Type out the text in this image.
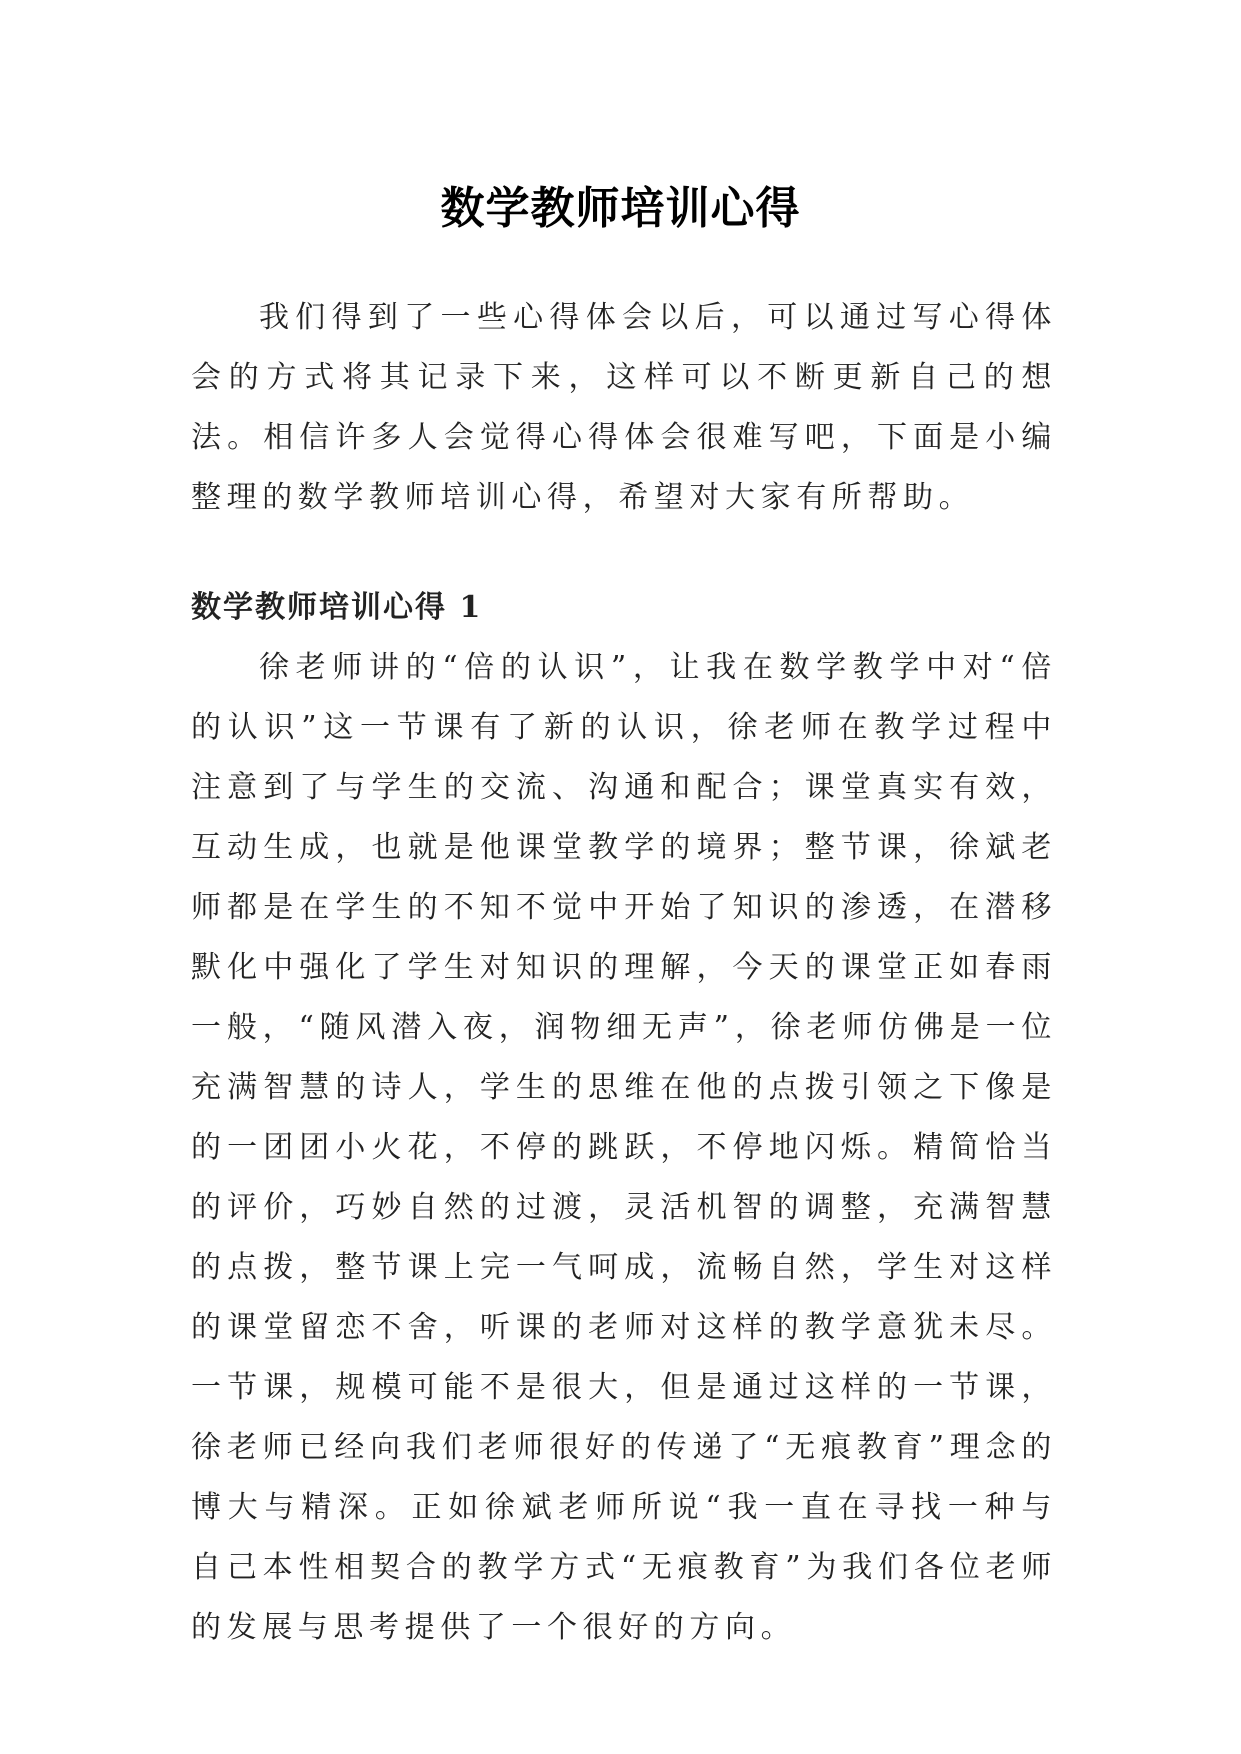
数学教师培训心得

我们得到了一些心得体会以后，可以通过写心得体会的方式将其记录下来，这样可以不断更新自己的想法。相信许多人会觉得心得体会很难写吧，下面是小编整理的数学教师培训心得，希望对大家有所帮助。

数学教师培训心得 1

徐老师讲的“倍的认识”，让我在数学教学中对“倍的认识”这一节课有了新的认识，徐老师在教学过程中注意到了与学生的交流、沟通和配合；课堂真实有效，互动生成，也就是他课堂教学的境界；整节课，徐斌老师都是在学生的不知不觉中开始了知识的渗透，在潜移默化中强化了学生对知识的理解，今天的课堂正如春雨一般，“随风潜入夜，润物细无声”，徐老师仿佛是一位充满智慧的诗人，学生的思维在他的点拨引领之下像是的一团团小火花，不停的跳跃，不停地闪烁。精简恰当的评价，巧妙自然的过渡，灵活机智的调整，充满智慧的点拨，整节课上完一气呵成，流畅自然，学生对这样的课堂留恋不舍，听课的老师对这样的教学意犹未尽。一节课，规模可能不是很大，但是通过这样的一节课，徐老师已经向我们老师很好的传递了“无痕教育”理念的博大与精深。正如徐斌老师所说“我一直在寻找一种与自己本性相契合的教学方式“无痕教育”为我们各位老师的发展与思考提供了一个很好的方向。
